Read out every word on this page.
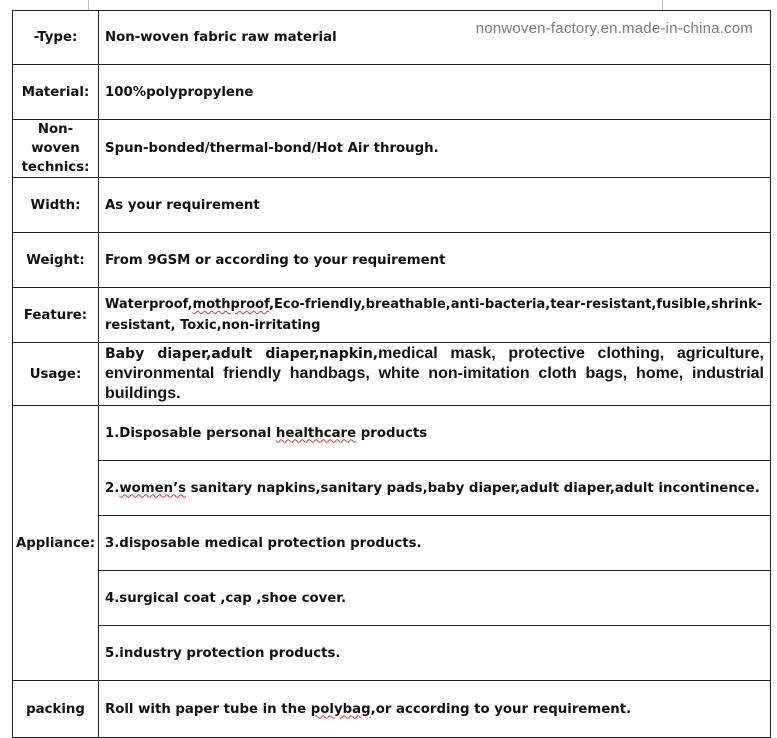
nonwoven-factory.en.made-in-china.com
-Type:	Non-woven fabric raw material
Material:	100%polypropylene
Non-woven technics:	Spun-bonded/thermal-bond/Hot Air through.
Width:	As your requirement
Weight:	From 9GSM or according to your requirement
Feature:	Waterproof,mothproof,Eco-friendly,breathable,anti-bacteria,tear-resistant,fusible,shrink-resistant, Toxic,non-irritating
Usage:	Baby diaper,adult diaper,napkin,medical mask, protective clothing, agriculture, environmental friendly handbags, white non-imitation cloth bags, home, industrial buildings.
Appliance:	1.Disposable personal healthcare products
	2.women’s sanitary napkins,sanitary pads,baby diaper,adult diaper,adult incontinence.
	3.disposable medical protection products.
	4.surgical coat ,cap ,shoe cover.
	5.industry protection products.
packing	Roll with paper tube in the polybag,or according to your requirement.
